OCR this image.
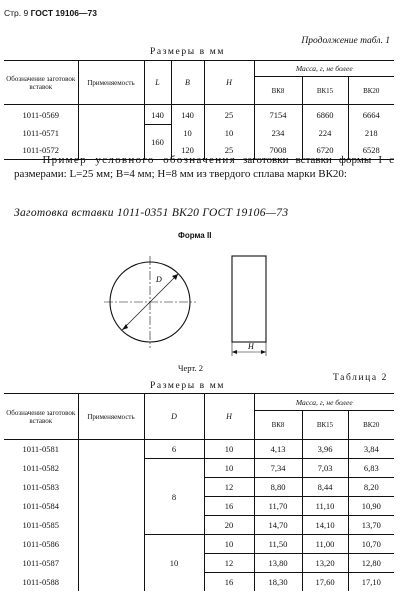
Стр. 9 ГОСТ 19106—73
Продолжение табл. 1
Размеры в мм
Обозначение заготовок вставок	Применяемость	L	B	H	Масса, г, не более		
					ВК8	ВК15	ВК20
1011-0569		140	140	25	7154	6860	6664
1011-0571		160	10	10	234	224	218
1011-0572			120	25	7008	6720	6528
Пример условного обозначения заготовки вставки формы I с размерами: L=25 мм; B=4 мм; H=8 мм из твердого сплава марки ВК20:
Заготовка вставки 1011-0351 ВК20 ГОСТ 19106—73
Форма II
D
H
Черт. 2
Таблица 2
Размеры в мм
Обозначение заготовок вставок	Применяемость	D	H	Масса, г, не более		
				ВК8	ВК15	ВК20
1011-0581		6	10	4,13	3,96	3,84
1011-0582		8	10	7,34	7,03	6,83
1011-0583			12	8,80	8,44	8,20
1011-0584			16	11,70	11,10	10,90
1011-0585			20	14,70	14,10	13,70
1011-0586		10	10	11,50	11,00	10,70
1011-0587			12	13,80	13,20	12,80
1011-0588			16	18,30	17,60	17,10
